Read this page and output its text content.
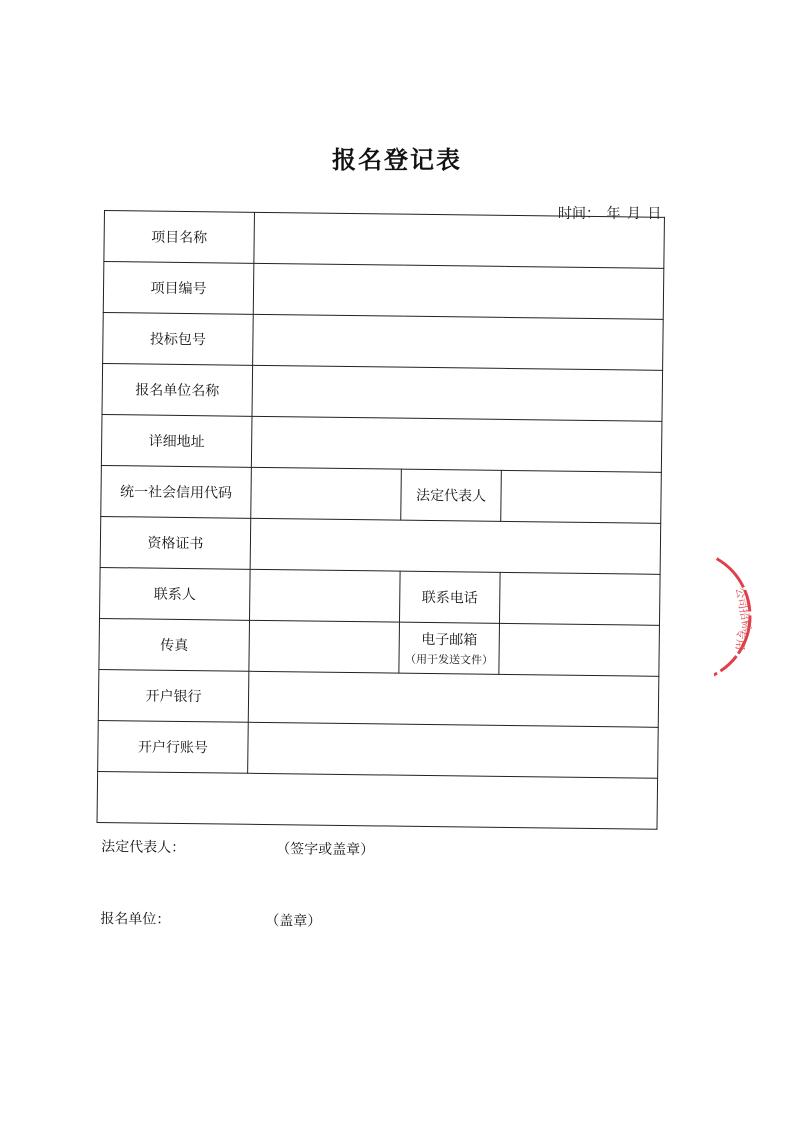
报名登记表
时间： 年 月 日
项目名称			
项目编号			
投标包号			
报名单位名称			
详细地址			
统一社会信用代码		法定代表人	
资格证书			
联系人		联系电话	
传真		电子邮箱
（用于发送文件）	

开户银行			
开户行账号			

法定代表人： （签字或盖章）
报名单位： （盖章）			
公司招标
专用
